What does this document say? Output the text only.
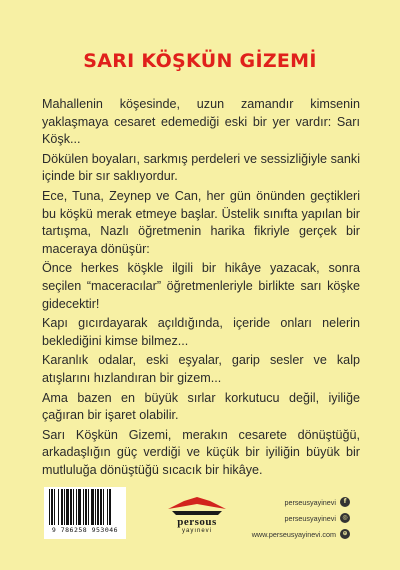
SARI KÖŞKÜN GİZEMİ

Mahallenin köşesinde, uzun zamandır kimsenin yaklaşmaya cesaret edemediği eski bir yer vardır: Sarı Köşk...

Dökülen boyaları, sarkmış perdeleri ve sessizliğiyle sanki içinde bir sır saklıyordur.

Ece, Tuna, Zeynep ve Can, her gün önünden geçtikleri bu köşkü merak etmeye başlar. Üstelik sınıfta yapılan bir tartışma, Nazlı öğretmenin harika fikriyle gerçek bir maceraya dönüşür:

Önce herkes köşkle ilgili bir hikâye yazacak, sonra seçilen “maceracılar” öğretmenleriyle birlikte sarı köşke gidecektir!

Kapı gıcırdayarak açıldığında, içeride onları nelerin beklediğini kimse bilmez...

Karanlık odalar, eski eşyalar, garip sesler ve kalp atışlarını hızlandıran bir gizem...

Ama bazen en büyük sırlar korkutucu değil, iyiliğe çağıran bir işaret olabilir.

Sarı Köşkün Gizemi, merakın cesarete dönüştüğü, arkadaşlığın güç verdiği ve küçük bir iyiliğin büyük bir mutluluğa dönüştüğü sıcacık bir hikâye.

9 786258 953046
persous
yayınevi
perseusyayinevi	f
perseusyayinevi	◎
www.perseusyayinevi.com	⊕
